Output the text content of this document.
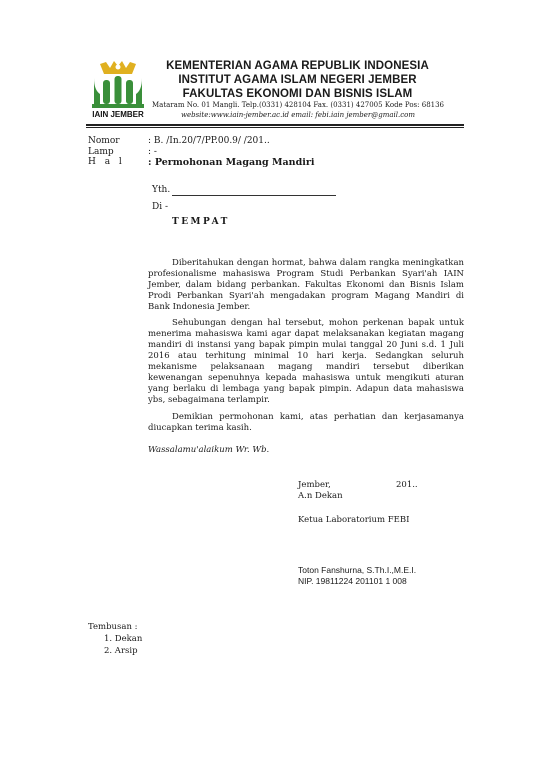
IAIN JEMBER
KEMENTERIAN AGAMA REPUBLIK INDONESIA
INSTITUT AGAMA ISLAM NEGERI JEMBER
FAKULTAS EKONOMI DAN BISNIS ISLAM
Mataram No. 01 Mangli. Telp.(0331) 428104 Fax. (0331) 427005 Kode Pos: 68136
website:www.iain-jember.ac.id email: febi.iain jember@gmail.com
Nomor	: B. /In.20/7/PP.00.9/ /201..
Lamp	: -
H a l : Permohonan Magang Mandiri
Yth.
Di -
TEMPAT

Diberitahukan dengan hormat, bahwa dalam rangka meningkatkan profesionalisme mahasiswa Program Studi Perbankan Syari'ah IAIN Jember, dalam bidang perbankan. Fakultas Ekonomi dan Bisnis Islam Prodi Perbankan Syari'ah mengadakan program Magang Mandiri di Bank Indonesia Jember.

Sehubungan dengan hal tersebut, mohon perkenan bapak untuk menerima mahasiswa kami agar dapat melaksanakan kegiatan magang mandiri di instansi yang bapak pimpin mulai tanggal 20 Juni s.d. 1 Juli 2016 atau terhitung minimal 10 hari kerja. Sedangkan seluruh mekanisme pelaksanaan magang mandiri tersebut diberikan kewenangan sepenuhnya kepada mahasiswa untuk mengikuti aturan yang berlaku di lembaga yang bapak pimpin. Adapun data mahasiswa ybs, sebagaimana terlampir.

Demikian permohonan kami, atas perhatian dan kerjasamanya diucapkan terima kasih.

Wassalamu'alaikum Wr. Wb.
Jember,	201..
A.n Dekan
Ketua Laboratorium FEBI
Toton Fanshurna, S.Th.I.,M.E.I.
NIP. 19811224 201101 1 008
Tembusan :
1. Dekan
2. Arsip
